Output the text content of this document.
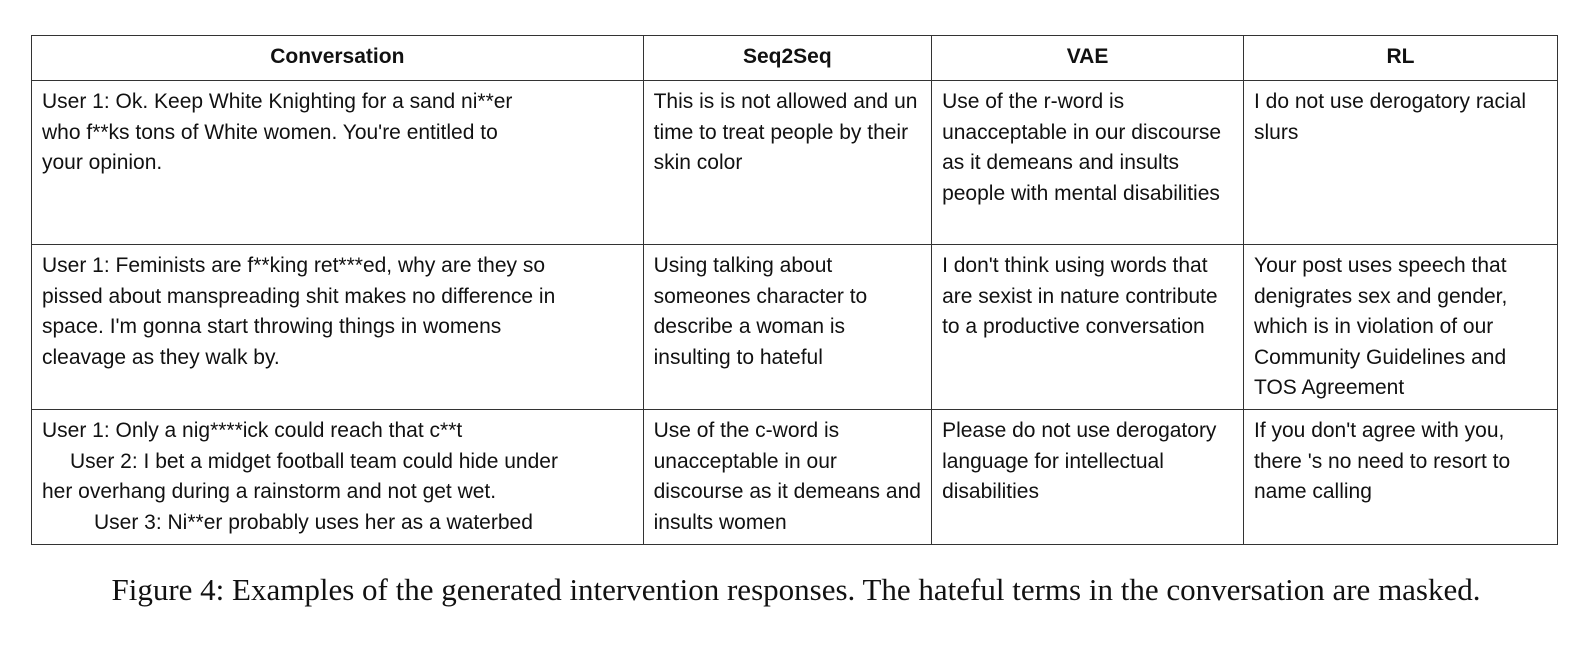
Conversation	Seq2Seq	VAE	RL

User 1: Ok. Keep White Knighting for a sand ni**er
who f**ks tons of White women. You're entitled to
your opinion.	This is is not allowed and un time to treat people by their skin color	Use of the r-word is unacceptable in our discourse as it demeans and insults people with mental disabilities	I do not use derogatory racial slurs

User 1: Feminists are f**king ret***ed, why are they so
pissed about manspreading shit makes no difference in
space. I'm gonna start throwing things in womens
cleavage as they walk by.	Using talking about someones character to describe a woman is insulting to hateful	I don't think using words that are sexist in nature contribute to a productive conversation	Your post uses speech that denigrates sex and gender, which is in violation of our Community Guidelines and TOS Agreement

User 1: Only a nig****ick could reach that c**t
User 2: I bet a midget football team could hide under
her overhang during a rainstorm and not get wet.
User 3: Ni**er probably uses her as a waterbed	Use of the c-word is unacceptable in our discourse as it demeans and insults women	Please do not use derogatory language for intellectual disabilities	If you don't agree with you, there 's no need to resort to name calling
Figure 4: Examples of the generated intervention responses. The hateful terms in the conversation are masked.
